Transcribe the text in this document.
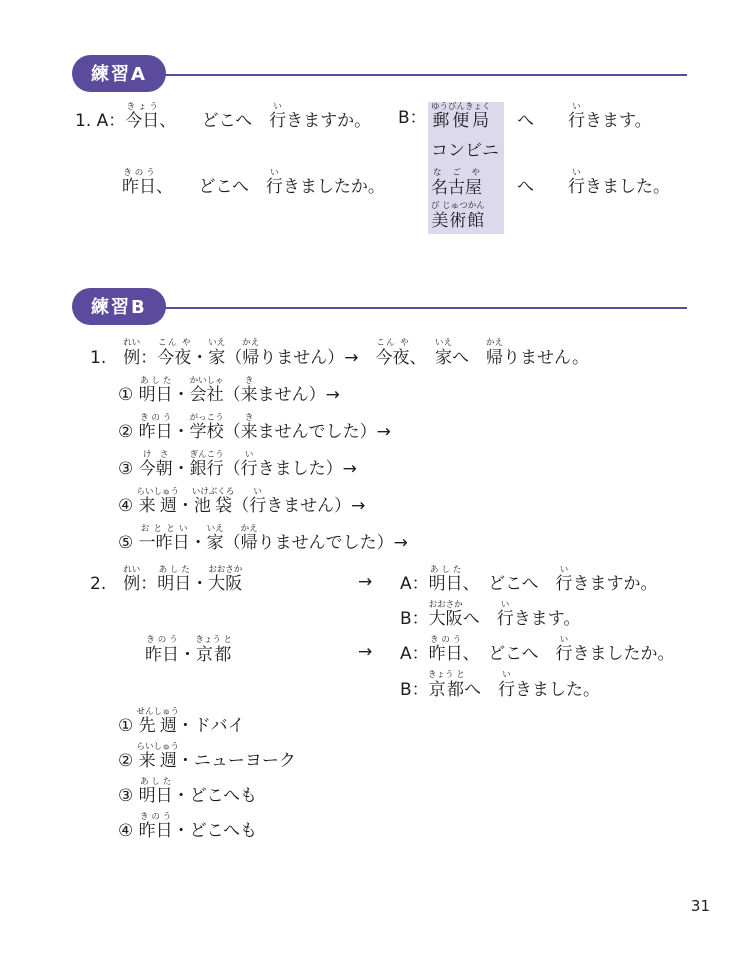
練習A
1. A：今日きょう、　　どこへ　行いきますか。	B： 郵便局ゆうびんきょく
へ　　行いきます。
コンビニ
昨日きのう、　　どこへ　行いきましたか。	名古屋な ご や
へ　　行いきました。
美術館び じゅつかん
練習B
1.　例れい：今夜こん や・家いえ（帰かえりません）→　今夜こん や、　家いえへ　帰かえりません。
① 明日あした・会社かいしゃ（来きません）→
② 昨日きのう・学校がっこう（来きませんでした）→
③ 今朝けさ・銀行ぎんこう（行いきました）→
④ 来週らいしゅう・池袋いけぶくろ（行いきません）→
⑤ 一昨日おととい・家いえ（帰かえりませんでした）→
2.　例れい：明日あした・大阪おおさか
→ A：明日あした、　どこへ　行いきますか。
B：大阪おおさかへ　行いきます。
昨日きのう・京都きょう と
→ A：昨日きのう、　どこへ　行いきましたか。
B：京都きょう とへ　行いきました。
① 先週せんしゅう・ドバイ
② 来週らいしゅう・ニューヨーク
③ 明日あした・どこへも
④ 昨日きのう・どこへも
31
